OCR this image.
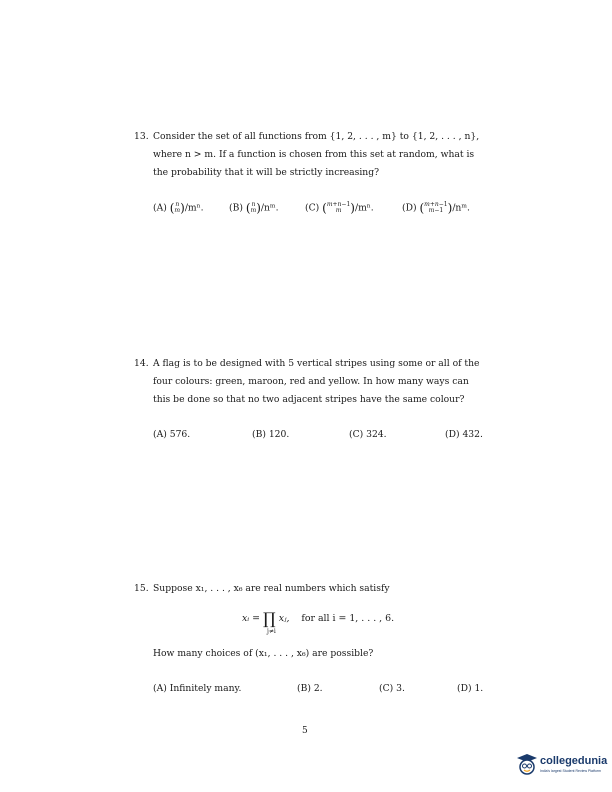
13. Consider the set of all functions from {1, 2, . . . , m} to {1, 2, . . . , n},
where n > m. If a function is chosen from this set at random, what is
the probability that it will be strictly increasing?
(A) (n
m)/mⁿ.	(B) (n
m)/nᵐ.	(C) (m+n−1
m )/mⁿ.	(D) (m+n−1
m−1 )/nᵐ.
14. A flag is to be designed with 5 vertical stripes using some or all of the
four colours: green, maroon, red and yellow. In how many ways can
this be done so that no two adjacent stripes have the same colour?
(A) 576.	(B) 120.	(C) 324.	(D) 432.
15. Suppose x₁, . . . , x₆ are real numbers which satisfy
xᵢ = ∏ xⱼ, for all i = 1, . . . , 6.
j≠i
How many choices of (x₁, . . . , x₆) are possible?
(A) Infinitely many.	(B) 2.	(C) 3.	(D) 1.
5
collegedunia
India's largest Student Review Platform
